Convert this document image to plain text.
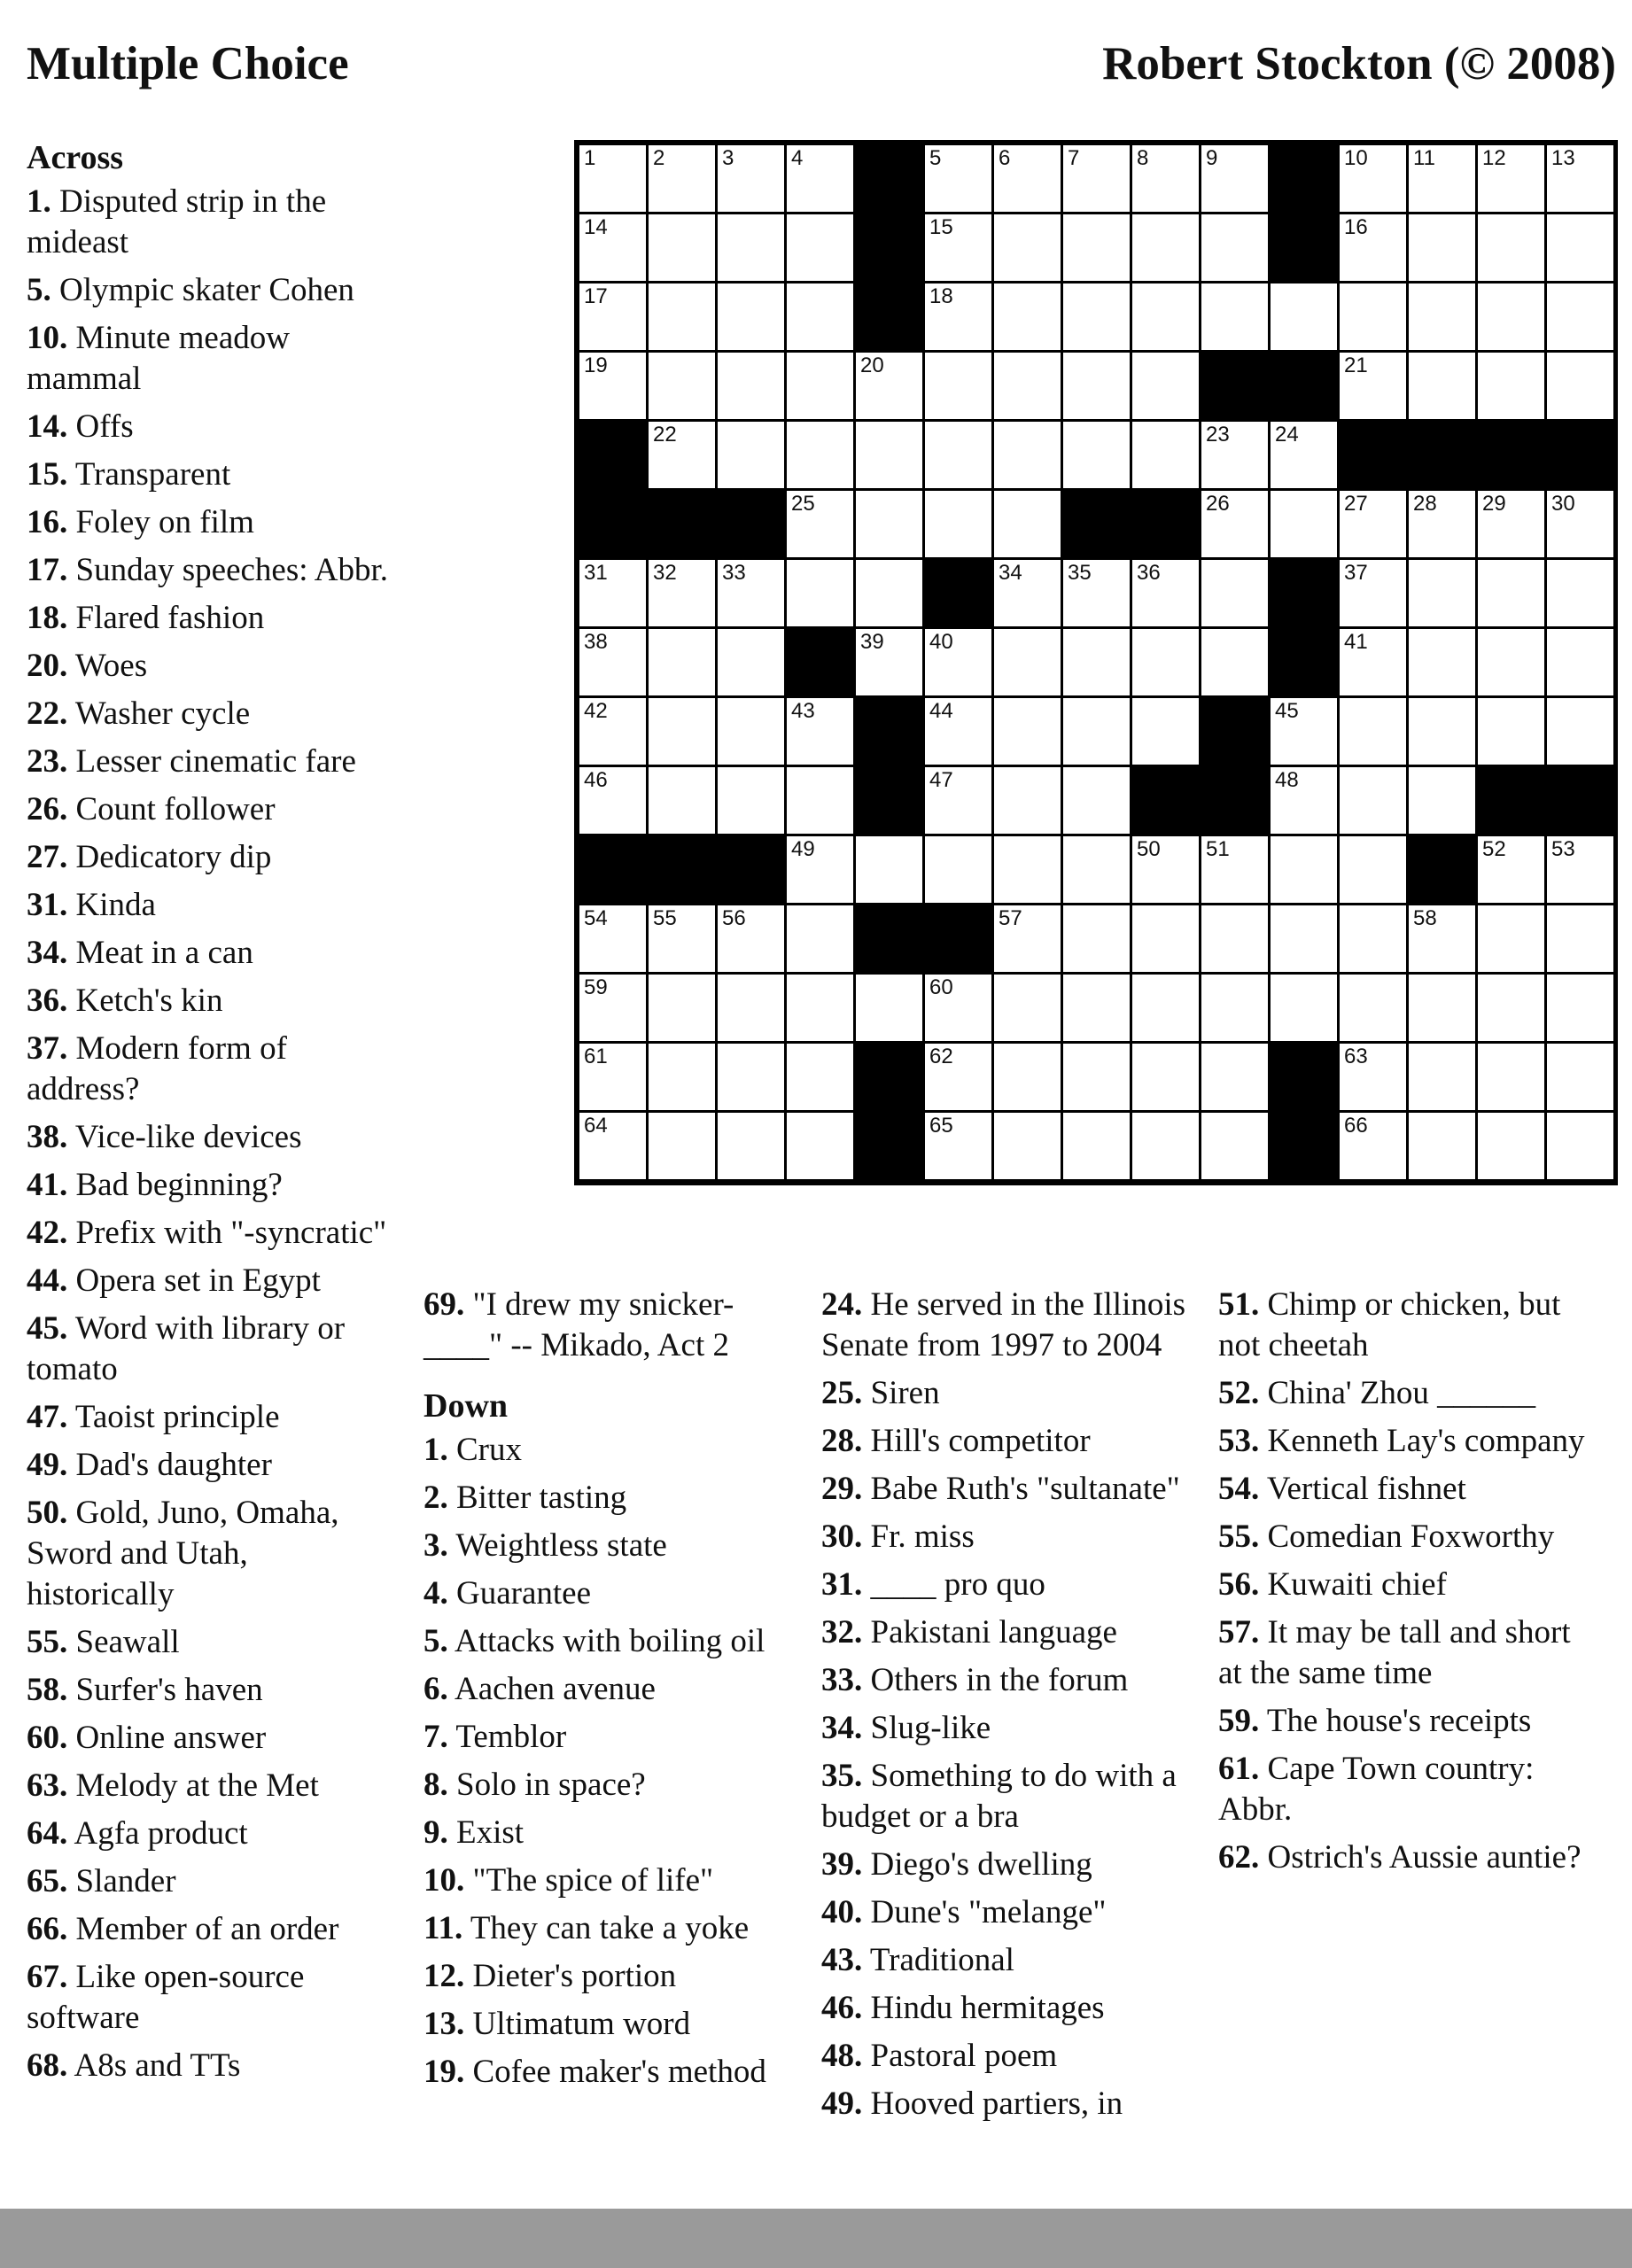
Multiple Choice	Robert Stockton (© 2008)
1	2	3	4	5	6	7	8	9	10 11 12 13
14	15	16
17	18
19	20	21
22	23 24
25	26	27 28 29 30
31 32 33	34 35 36	37
38	39 40	41
42	43	44	45
46	47	48
49	50 51	52 53
54 55 56	57	58
59	60
61	62	63
64	65	66
Across
1. Disputed strip in the mideast
5. Olympic skater Cohen
10. Minute meadow mammal
14. Offs
15. Transparent
16. Foley on film
17. Sunday speeches: Abbr.
18. Flared fashion
20. Woes
22. Washer cycle
23. Lesser cinematic fare
26. Count follower
27. Dedicatory dip
31. Kinda
34. Meat in a can
36. Ketch's kin
37. Modern form of address?
38. Vice-like devices
41. Bad beginning?
42. Prefix with "-syncratic"
44. Opera set in Egypt
45. Word with library or tomato
47. Taoist principle
49. Dad's daughter
50. Gold, Juno, Omaha, Sword and Utah, historically
55. Seawall
58. Surfer's haven
60. Online answer
63. Melody at the Met
64. Agfa product
65. Slander
66. Member of an order
67. Like open-source software
68. A8s and TTs
69. "I drew my snicker-____" -- Mikado, Act 2
Down
1. Crux
2. Bitter tasting
3. Weightless state
4. Guarantee
5. Attacks with boiling oil
6. Aachen avenue
7. Temblor
8. Solo in space?
9. Exist
10. "The spice of life"
11. They can take a yoke
12. Dieter's portion
13. Ultimatum word
19. Cofee maker's method
24. He served in the Illinois Senate from 1997 to 2004
25. Siren
28. Hill's competitor
29. Babe Ruth's "sultanate"
30. Fr. miss
31. ____ pro quo
32. Pakistani language
33. Others in the forum
34. Slug-like
35. Something to do with a budget or a bra
39. Diego's dwelling
40. Dune's "melange"
43. Traditional
46. Hindu hermitages
48. Pastoral poem
49. Hooved partiers, in
51. Chimp or chicken, but not cheetah
52. China' Zhou ______
53. Kenneth Lay's company
54. Vertical fishnet
55. Comedian Foxworthy
56. Kuwaiti chief
57. It may be tall and short at the same time
59. The house's receipts
61. Cape Town country: Abbr.
62. Ostrich's Aussie auntie?
